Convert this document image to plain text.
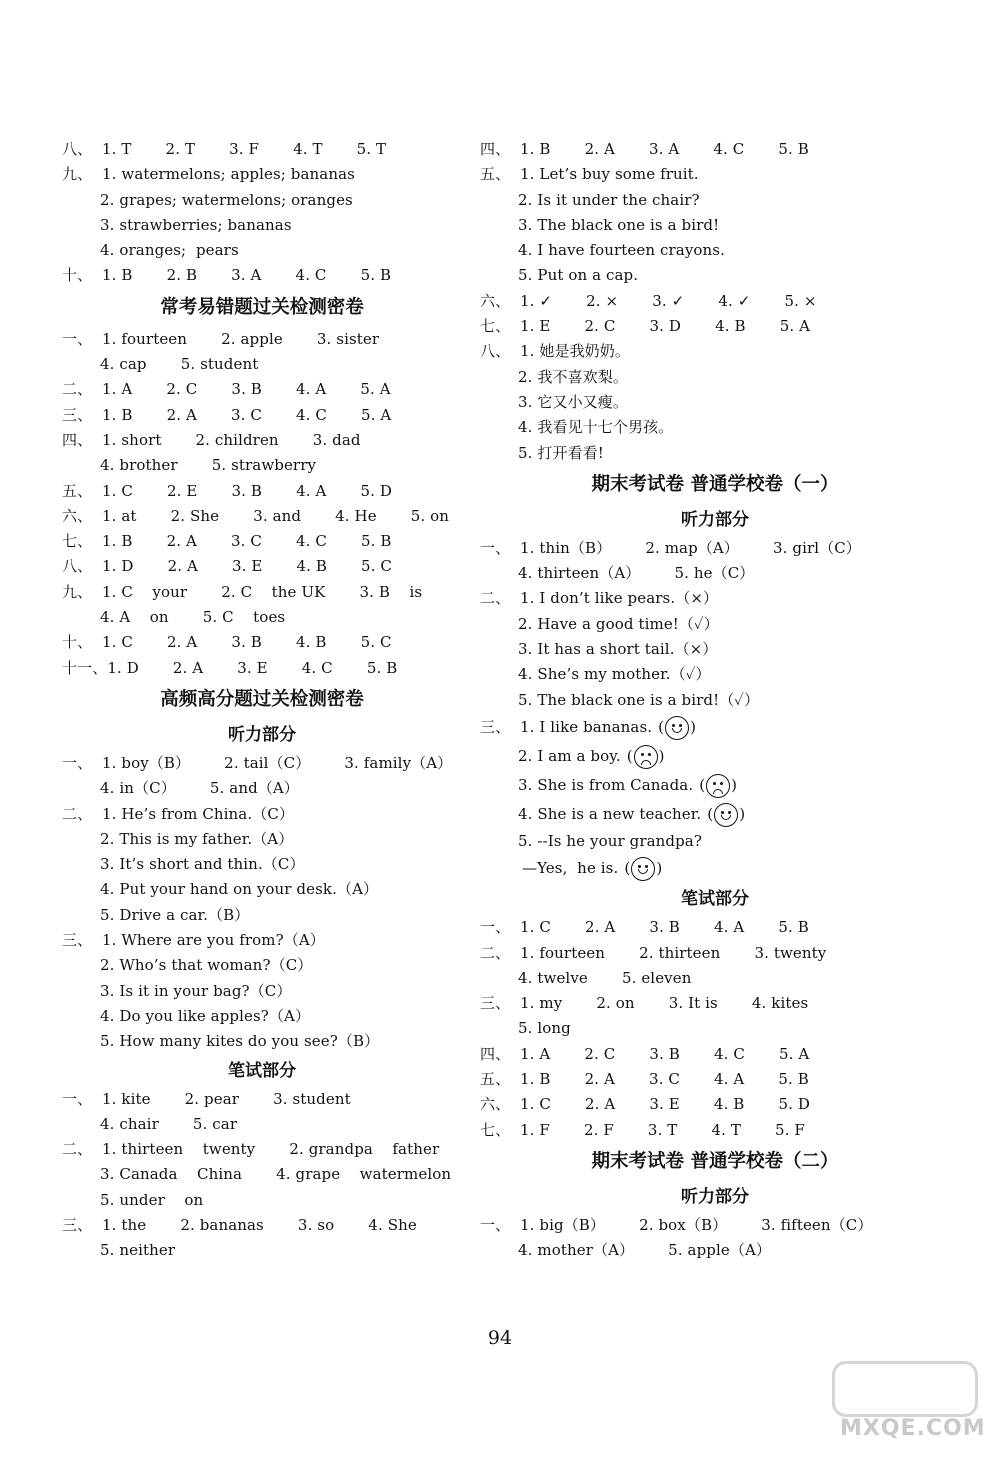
八、 1. T       2. T       3. F       4. T       5. T
九、 1. watermelons; apples; bananas
2. grapes; watermelons; oranges
3. strawberries; bananas
4. oranges;  pears
十、 1. B       2. B       3. A       4. C       5. B
常考易错题过关检测密卷
一、 1. fourteen       2. apple       3. sister
4. cap       5. student
二、 1. A       2. C       3. B       4. A       5. A
三、 1. B       2. A       3. C       4. C       5. A
四、 1. short       2. children       3. dad
4. brother       5. strawberry
五、 1. C       2. E       3. B       4. A       5. D
六、 1. at       2. She       3. and       4. He       5. on
七、 1. B       2. A       3. C       4. C       5. B
八、 1. D       2. A       3. E       4. B       5. C
九、 1. C    your       2. C    the UK       3. B    is
4. A    on       5. C    toes
十、 1. C       2. A       3. B       4. B       5. C
十一、1. D       2. A       3. E       4. C       5. B
高频高分题过关检测密卷
听力部分
一、 1. boy（B）       2. tail（C）       3. family（A）
4. in（C）       5. and（A）
二、 1. He’s from China.（C）
2. This is my father.（A）
3. It’s short and thin.（C）
4. Put your hand on your desk.（A）
5. Drive a car.（B）
三、 1. Where are you from?（A）
2. Who’s that woman?（C）
3. Is it in your bag?（C）
4. Do you like apples?（A）
5. How many kites do you see?（B）
笔试部分
一、 1. kite       2. pear       3. student
4. chair       5. car
二、 1. thirteen    twenty       2. grandpa    father
3. Canada    China       4. grape    watermelon
5. under    on
三、 1. the       2. bananas       3. so       4. She
5. neither
四、 1. B       2. A       3. A       4. C       5. B
五、 1. Let’s buy some fruit.
2. Is it under the chair?
3. The black one is a bird!
4. I have fourteen crayons.
5. Put on a cap.
六、 1. ✓       2. ×       3. ✓       4. ✓       5. ×
七、 1. E       2. C       3. D       4. B       5. A
八、 1. 她是我奶奶。
2. 我不喜欢梨。
3. 它又小又瘦。
4. 我看见十七个男孩。
5. 打开看看!
期末考试卷 普通学校卷（一）
听力部分
一、 1. thin（B）       2. map（A）       3. girl（C）
4. thirteen（A）       5. he（C）
二、 1. I don’t like pears.（×）
2. Have a good time!（✓）
3. It has a short tail.（×）
4. She’s my mother.（✓）
5. The black one is a bird!（✓）
三、 1. I like bananas. ( )
2. I am a boy. ( )
3. She is from Canada. ( )
4. She is a new teacher. ( )
5. --Is he your grandpa?
—Yes,  he is. ( )
笔试部分
一、 1. C       2. A       3. B       4. A       5. B
二、 1. fourteen       2. thirteen       3. twenty
4. twelve       5. eleven
三、 1. my       2. on       3. It is       4. kites
5. long
四、 1. A       2. C       3. B       4. C       5. A
五、 1. B       2. A       3. C       4. A       5. B
六、 1. C       2. A       3. E       4. B       5. D
七、 1. F       2. F       3. T       4. T       5. F
期末考试卷 普通学校卷（二）
听力部分
一、 1. big（B）       2. box（B）       3. fifteen（C）
4. mother（A）       5. apple（A）
94
MXQE.COM
